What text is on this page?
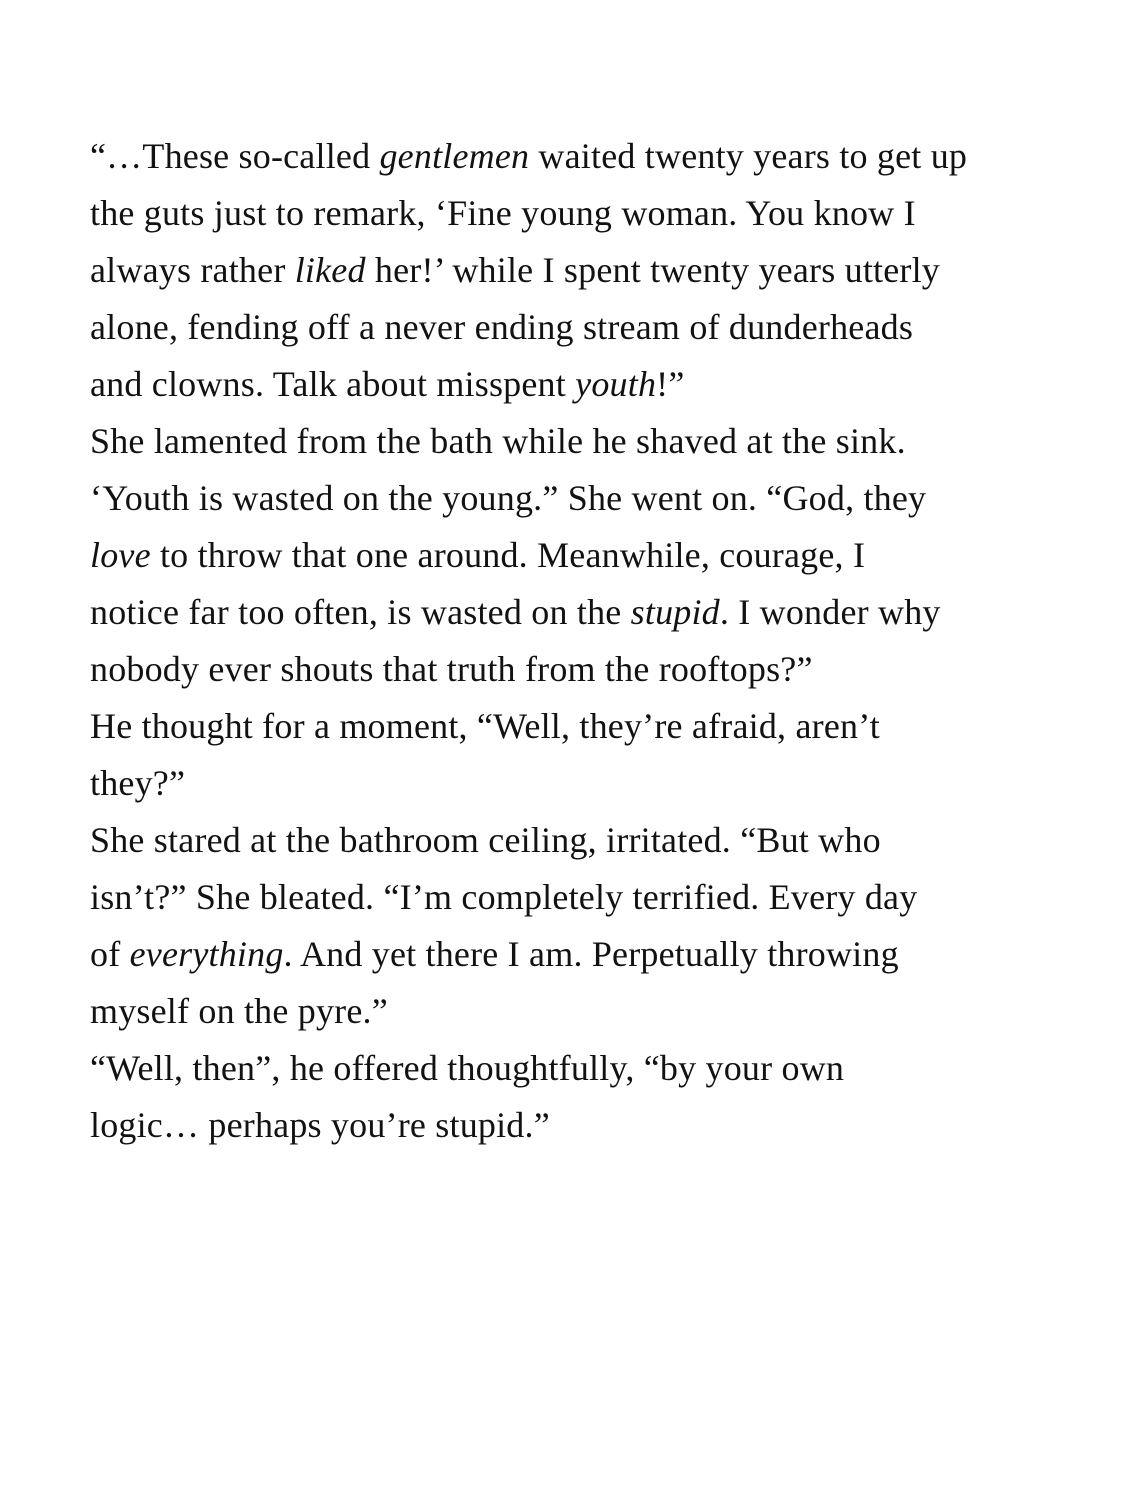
“…These so-called gentlemen waited twenty years to get up
the guts just to remark, ‘Fine young woman. You know I
always rather liked her!’ while I spent twenty years utterly
alone, fending off a never ending stream of dunderheads
and clowns. Talk about misspent youth!”
She lamented from the bath while he shaved at the sink.
‘Youth is wasted on the young.” She went on. “God, they
love to throw that one around. Meanwhile, courage, I
notice far too often, is wasted on the stupid. I wonder why
nobody ever shouts that truth from the rooftops?”
He thought for a moment, “Well, they’re afraid, aren’t
they?”
She stared at the bathroom ceiling, irritated. “But who
isn’t?” She bleated. “I’m completely terrified. Every day
of everything. And yet there I am. Perpetually throwing
myself on the pyre.”
“Well, then”, he offered thoughtfully, “by your own
logic… perhaps you’re stupid.”
